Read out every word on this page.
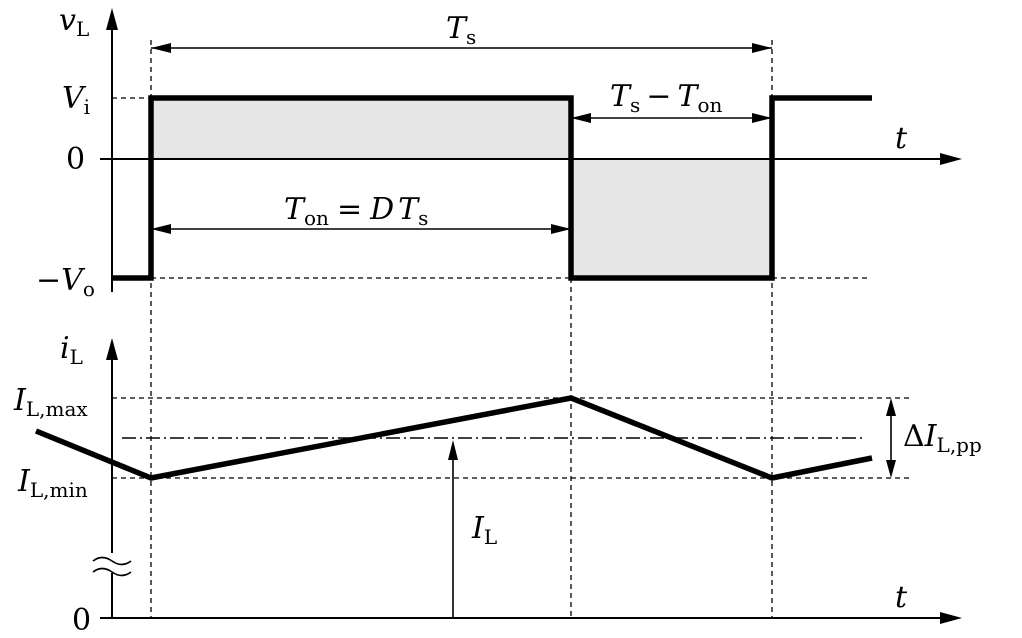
$v_L$
$V_i$
0
$-V_o$
t
$T_s$
$T_s - T_{on}$
$T_{on} = D$ $T_s$
$I_L$
$\Delta I_{L,pp}$
$i_L$
$I_{L,max}$
$I_{L,min}$
0
t
